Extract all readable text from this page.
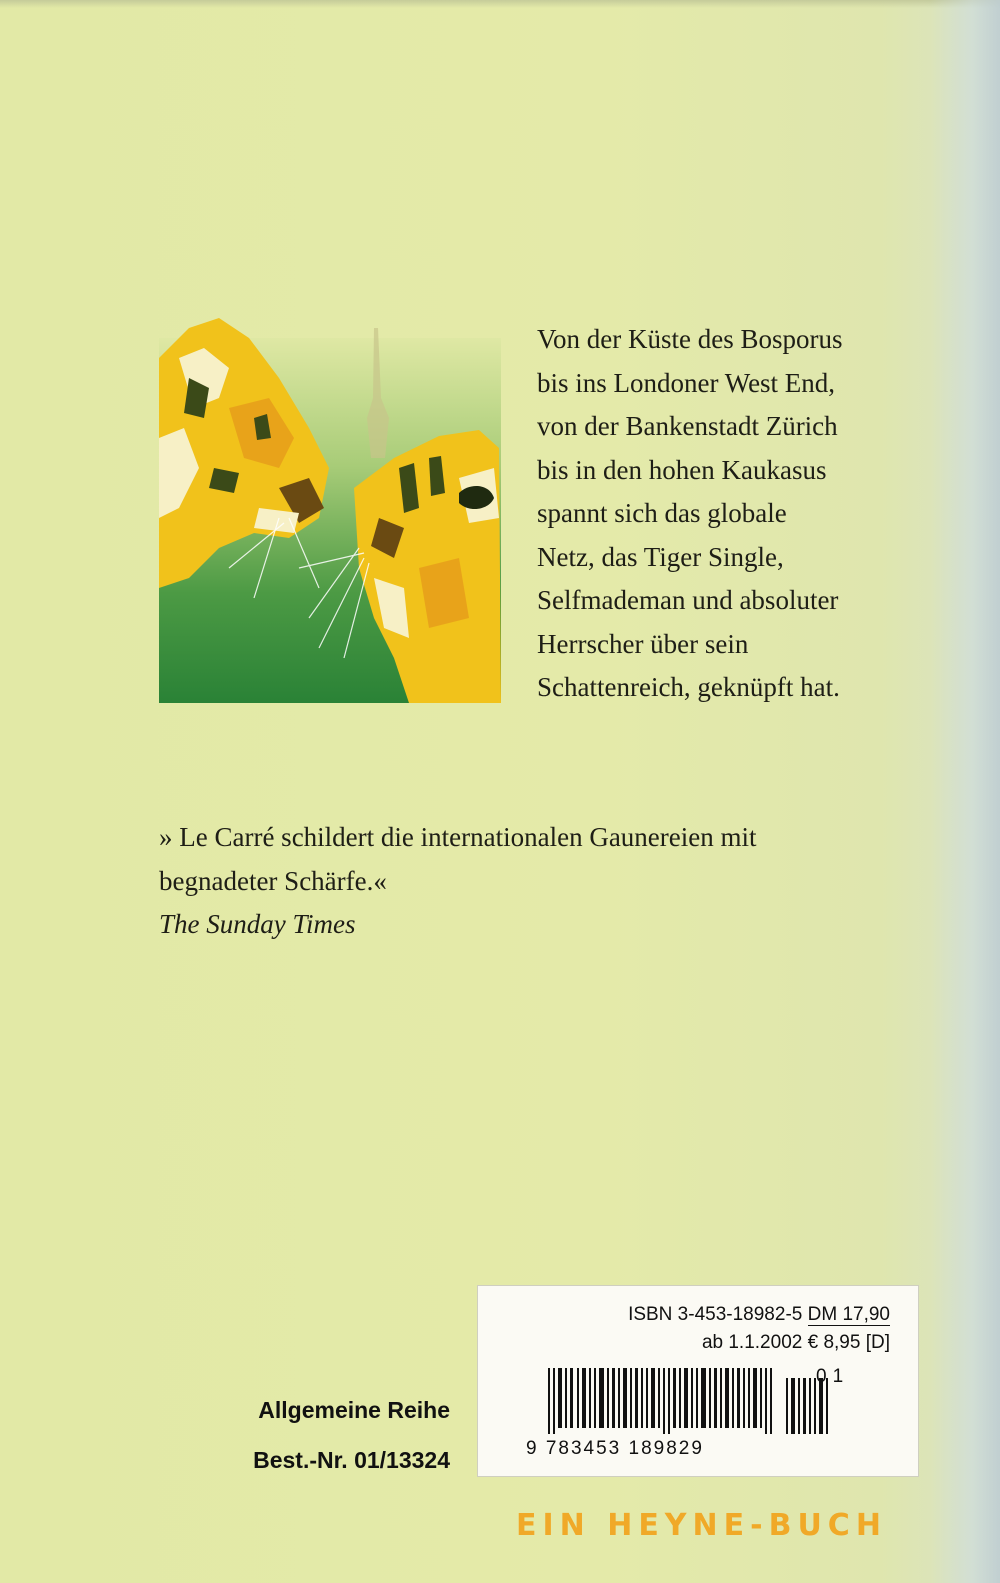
Von der Küste des Bosporus bis ins Londoner West End, von der Bankenstadt Zürich bis in den hohen Kaukasus spannt sich das globale Netz, das Tiger Single, Selfmademan und absoluter Herrscher über sein Schattenreich, geknüpft hat.

» Le Carré schildert die internationalen Gaunereien mit begnadeter Schärfe.«

The Sunday Times

Allgemeine Reihe
Best.-Nr. 01/13324
ISBN 3-453-18982-5 DM 17,90
ab 1.1.2002 € 8,95 [D]
01
9 783453 189829
EIN HEYNE-BUCH
